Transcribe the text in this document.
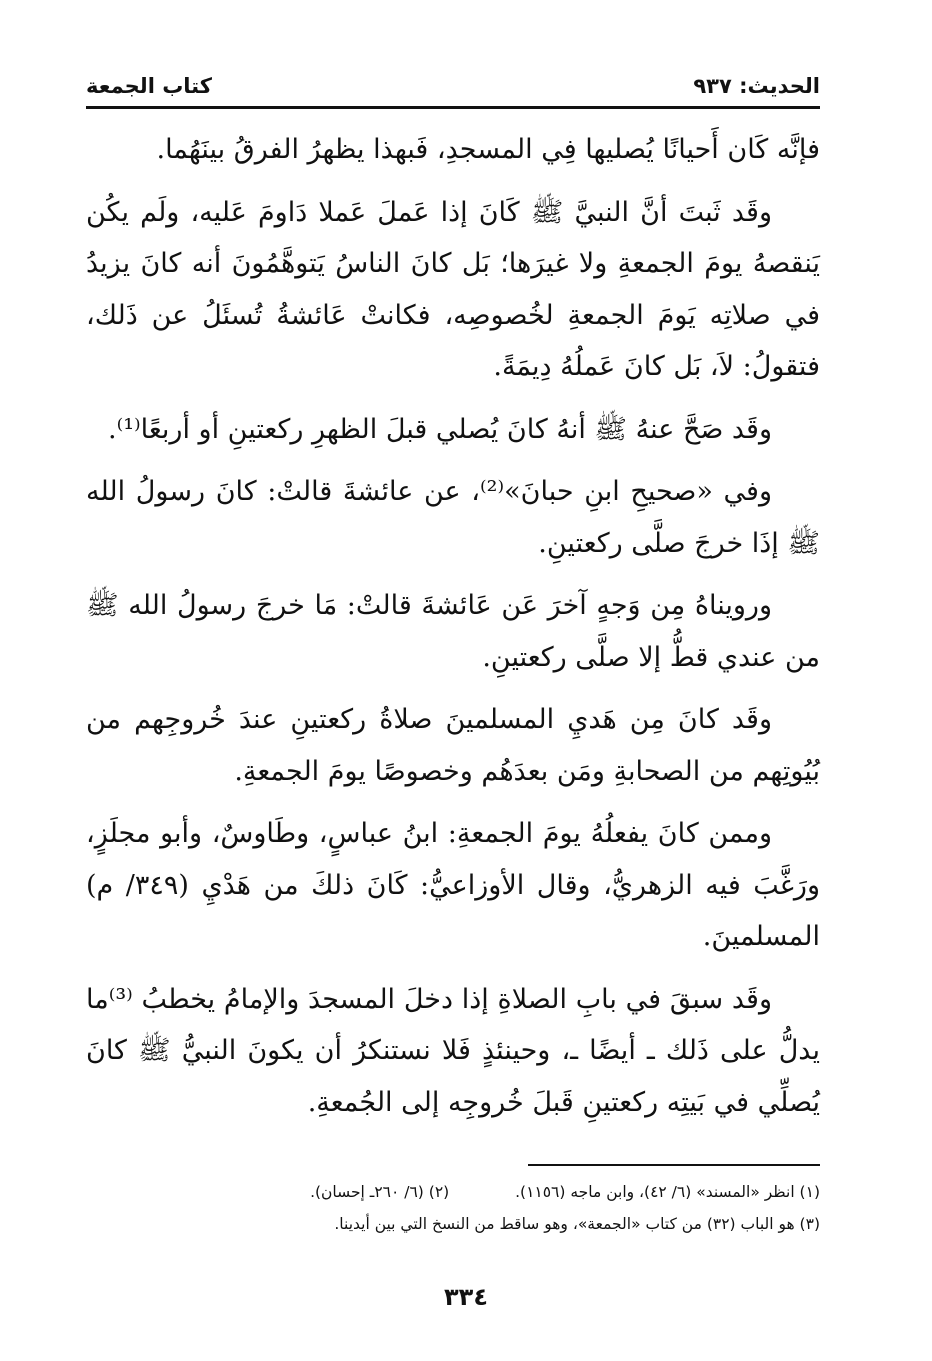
الحديث: ٩٣٧
كتاب الجمعة

فإنَّه كَان أَحيانًا يُصليها فِي المسجدِ، فَبهذا يظهرُ الفرقُ بينَهُما.

وقَد ثَبتَ أنَّ النبيَّ ﷺ كَانَ إذا عَملَ عَملا دَاومَ عَليه، ولَم يكُن يَنقصهُ يومَ الجمعةِ ولا غيرَها؛ بَل كانَ الناسُ يَتوهَّمُونَ أنه كانَ يزيدُ في صلاتِه يَومَ الجمعةِ لخُصوصِه، فكانتْ عَائشةُ تُسئَلُ عن ذَلك، فتقولُ: لاَ، بَل كانَ عَملُهُ دِيمَةً.

وقَد صَحَّ عنهُ ﷺ أنهُ كانَ يُصلي قبلَ الظهرِ ركعتينِ أو أربعًا⁽¹⁾.

وفي «صحيحِ ابنِ حبانَ»⁽²⁾، عن عائشةَ قالتْ: كانَ رسولُ الله ﷺ إذَا خرجَ صلَّى ركعتينِ.

ورويناهُ مِن وَجهٍ آخرَ عَن عَائشةَ قالتْ: مَا خرجَ رسولُ الله ﷺ من عندي قطُّ إلا صلَّى ركعتينِ.

وقَد كانَ مِن هَديِ المسلمينَ صلاةُ ركعتينِ عندَ خُروجِهم من بُيُوتِهم من الصحابةِ ومَن بعدَهُم وخصوصًا يومَ الجمعةِ.

وممن كانَ يفعلُهُ يومَ الجمعةِ: ابنُ عباسٍ، وطَاوسٌ، وأبو مجلَزٍ، ورَغَّبَ فيه الزهريُّ، وقال الأوزاعيُّ: كَانَ ذلكَ من هَدْيِ (٣٤٩/ م) المسلمينَ.

وقَد سبقَ في بابِ الصلاةِ إذا دخلَ المسجدَ والإمامُ يخطبُ ⁽³⁾ما يدلُّ على ذَلك ـ أيضًا ـ، وحينئذٍ فَلا نستنكرُ أن يكونَ النبيُّ ﷺ كانَ يُصلِّي في بَيتِه ركعتينِ قَبلَ خُروجِه إلى الجُمعةِ.

(١) انظر «المسند» (٦/ ٤٢)، وابن ماجه (١١٥٦).  (٢) (٦/ ٢٦٠ـ إحسان).
(٣) هو الباب (٣٢) من كتاب «الجمعة»، وهو ساقط من النسخ التي بين أيدينا.
٣٣٤
